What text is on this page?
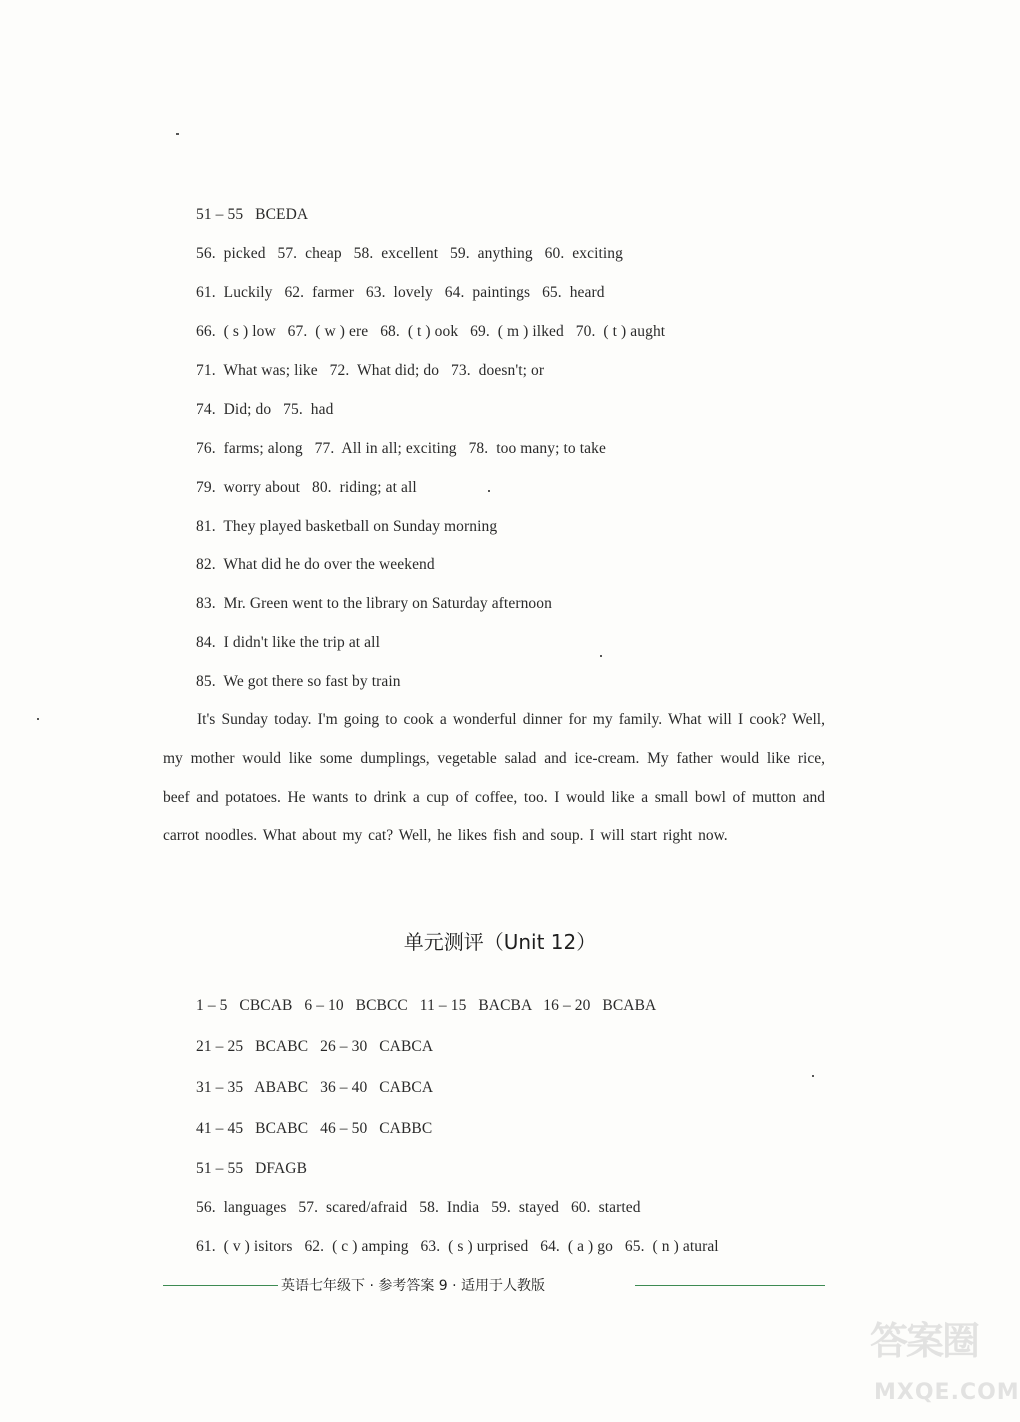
51 – 55   BCEDA
56.  picked   57.  cheap   58.  excellent   59.  anything   60.  exciting
61.  Luckily   62.  farmer   63.  lovely   64.  paintings   65.  heard
66.  ( s ) low   67.  ( w ) ere   68.  ( t ) ook   69.  ( m ) ilked   70.  ( t ) aught
71.  What was; like   72.  What did; do   73.  doesn't; or
74.  Did; do   75.  had
76.  farms; along   77.  All in all; exciting   78.  too many; to take
79.  worry about   80.  riding; at all
81.  They played basketball on Sunday morning
82.  What did he do over the weekend
83.  Mr. Green went to the library on Saturday afternoon
84.  I didn't like the trip at all
85.  We got there so fast by train
It's Sunday today. I'm going to cook a wonderful dinner for my family. What will I cook? Well, my mother would like some dumplings, vegetable salad and ice-cream. My father would like rice, beef and potatoes. He wants to drink a cup of coffee, too. I would like a small bowl of mutton and carrot noodles. What about my cat? Well, he likes fish and soup. I will start right now.
单元测评（Unit 12）
1 – 5   CBCAB   6 – 10   BCBCC   11 – 15   BACBA   16 – 20   BCABA
21 – 25   BCABC   26 – 30   CABCA
31 – 35   ABABC   36 – 40   CABCA
41 – 45   BCABC   46 – 50   CABBC
51 – 55   DFAGB
56.  languages   57.  scared/afraid   58.  India   59.  stayed   60.  started
61.  ( v ) isitors   62.  ( c ) amping   63.  ( s ) urprised   64.  ( a ) go   65.  ( n ) atural
英语七年级下 · 参考答案 9 · 适用于人教版
答案圈
MXQE.COM
